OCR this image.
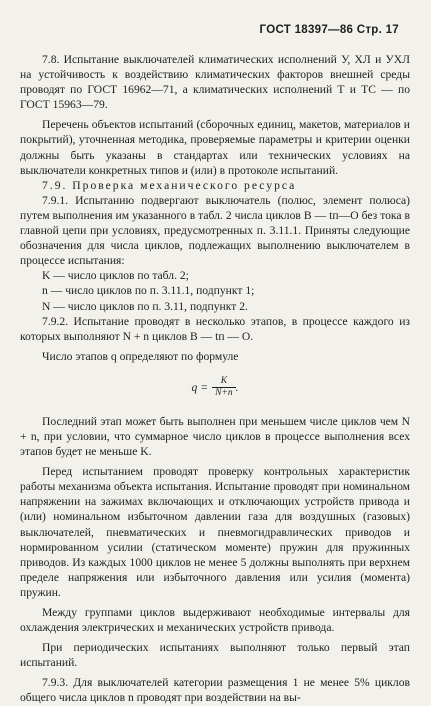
ГОСТ 18397—86 Стр. 17

7.8. Испытание выключателей климатических исполнений У, ХЛ и УХЛ на устойчивость к воздействию климатических факторов внешней среды проводят по ГОСТ 16962—71, а климатических исполнений Т и ТС — по ГОСТ 15963—79.

Перечень объектов испытаний (сборочных единиц, макетов, материалов и покрытий), уточненная методика, проверяемые параметры и критерии оценки должны быть указаны в стандартах или технических условиях на выключатели конкретных типов и (или) в протоколе испытаний.

7.9. Проверка механического ресурса

7.9.1. Испытанию подвергают выключатель (полюс, элемент полюса) путем выполнения им указанного в табл. 2 числа циклов В — tп—О без тока в главной цепи при условиях, предусмотренных п. 3.11.1. Приняты следующие обозначения для числа циклов, подлежащих выполнению выключателем в процессе испытания:

K — число циклов по табл. 2;

n — число циклов по п. 3.11.1, подпункт 1;

N — число циклов по п. 3.11, подпункт 2.

7.9.2. Испытание проводят в несколько этапов, в процессе каждого из которых выполняют N + n циклов В — tп — О.

Число этапов q определяют по формуле

$q = \frac{K}{N+n}$ .

Последний этап может быть выполнен при меньшем числе циклов чем N + n, при условии, что суммарное число циклов в процессе выполнения всех этапов будет не меньше K.

Перед испытанием проводят проверку контрольных характеристик работы механизма объекта испытания. Испытание проводят при номинальном напряжении на зажимах включающих и отключающих устройств привода и (или) номинальном избыточном давлении газа для воздушных (газовых) выключателей, пневматических и пневмогидравлических приводов и нормированном усилии (статическом моменте) пружин для пружинных приводов. Из каждых 1000 циклов не менее 5 должны выполнять при верхнем пределе напряжения или избыточного давления или усилия (момента) пружин.

Между группами циклов выдерживают необходимые интервалы для охлаждения электрических и механических устройств привода.

При периодических испытаниях выполняют только первый этап испытаний.

7.9.3. Для выключателей категории размещения 1 не менее 5% циклов общего числа циклов n проводят при воздействии на вы-
